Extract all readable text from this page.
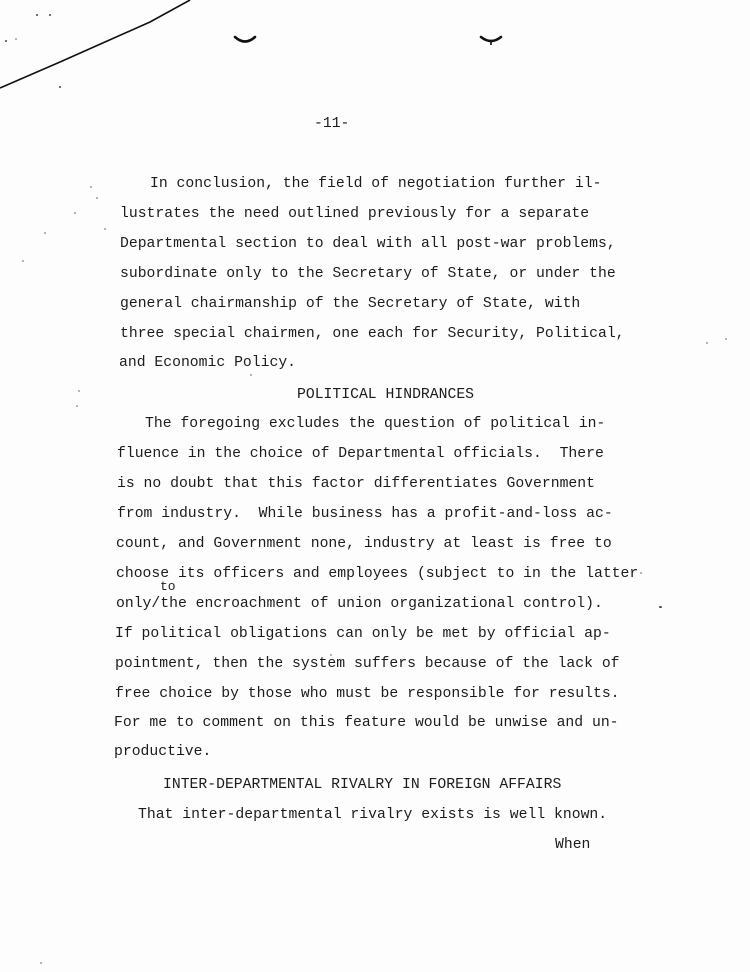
-11-
In conclusion, the field of negotiation further il-
lustrates the need outlined previously for a separate
Departmental section to deal with all post-war problems,
subordinate only to the Secretary of State, or under the
general chairmanship of the Secretary of State, with
three special chairmen, one each for Security, Political,
and Economic Policy.
POLITICAL HINDRANCES
The foregoing excludes the question of political in-
fluence in the choice of Departmental officials.  There
is no doubt that this factor differentiates Government
from industry.  While business has a profit-and-loss ac-
count, and Government none, industry at least is free to
choose its officers and employees (subject to in the latter
to
only/the encroachment of union organizational control).
If political obligations can only be met by official ap-
pointment, then the system suffers because of the lack of
free choice by those who must be responsible for results.
For me to comment on this feature would be unwise and un-
productive.
INTER-DEPARTMENTAL RIVALRY IN FOREIGN AFFAIRS
That inter-departmental rivalry exists is well known.
When
